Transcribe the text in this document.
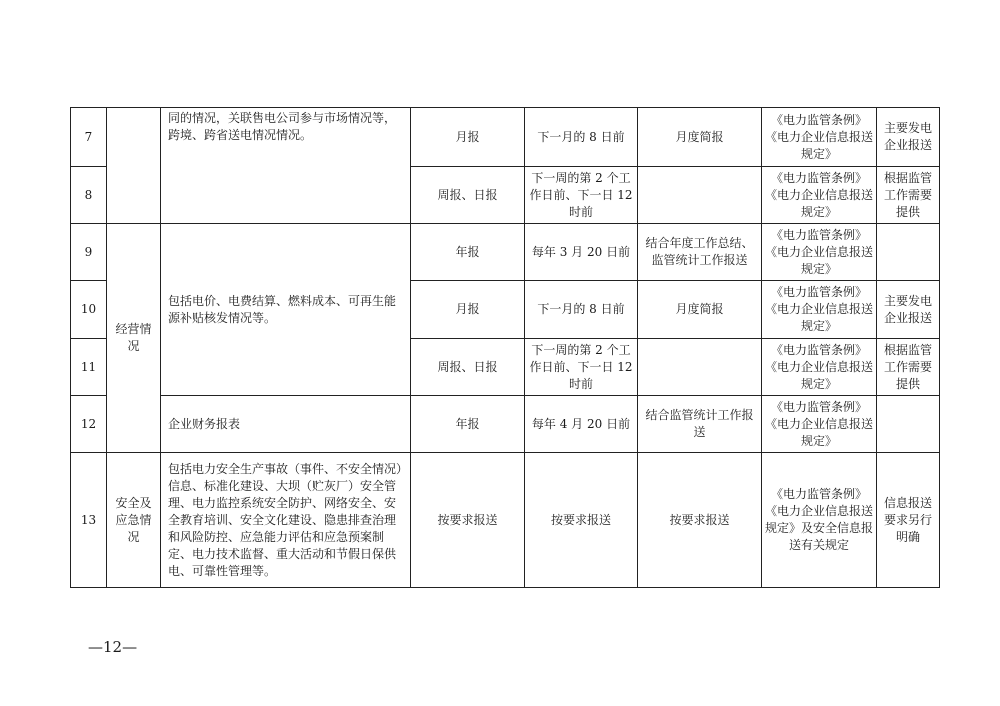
7		同的情况，关联售电公司参与市场情况等，跨境、跨省送电情况情况。	月报	下一月的 8 日前	月度简报	《电力监管条例》
《电力企业信息报送规定》	主要发电企业报送
8			周报、日报	下一周的第 2 个工作日前、下一日 12 时前		《电力监管条例》
《电力企业信息报送规定》	根据监管工作需要提供
9	经营情况	包括电价、电费结算、燃料成本、可再生能源补贴核发情况等。	年报	每年 3 月 20 日前	结合年度工作总结、监管统计工作报送	《电力监管条例》
《电力企业信息报送规定》	
10			月报	下一月的 8 日前	月度简报	《电力监管条例》
《电力企业信息报送规定》	主要发电企业报送
11			周报、日报	下一周的第 2 个工作日前、下一日 12 时前		《电力监管条例》
《电力企业信息报送规定》	根据监管工作需要提供
12		企业财务报表	年报	每年 4 月 20 日前	结合监管统计工作报送	《电力监管条例》
《电力企业信息报送规定》	
13	安全及应急情况	包括电力安全生产事故（事件、不安全情况）信息、标准化建设、大坝（贮灰厂）安全管理、电力监控系统安全防护、网络安全、安全教育培训、安全文化建设、隐患排查治理和风险防控、应急能力评估和应急预案制定、电力技术监督、重大活动和节假日保供电、可靠性管理等。	按要求报送	按要求报送	按要求报送	《电力监管条例》
《电力企业信息报送规定》及安全信息报送有关规定	信息报送要求另行明确
—12—
